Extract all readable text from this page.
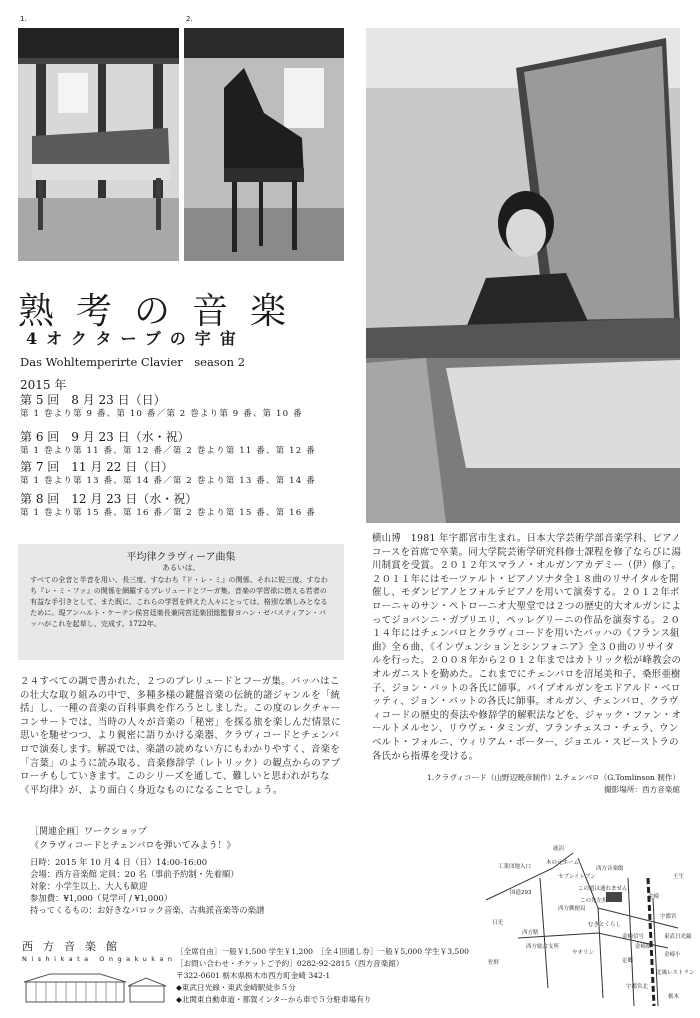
1.	2.
熟考の音楽
4オクターブの宇宙
Das Wohltemperirte Clavier　season 2
2015 年
第 5 回　8 月 23 日（日）
第 1 巻より第 9 番、第 10 番／第 2 巻より第 9 番、第 10 番
第 6 回　9 月 23 日（水・祝）
第 1 巻より第 11 番、第 12 番／第 2 巻より第 11 番、第 12 番
第 7 回　11 月 22 日（日）
第 1 巻より第 13 番、第 14 番／第 2 巻より第 13 番、第 14 番
第 8 回　12 月 23 日（水・祝）
第 1 巻より第 15 番、第 16 番／第 2 巻より第 15 番、第 16 番
平均律クラヴィーア曲集
あるいは、
すべての全音と半音を用い、長三度、すなわち『ド・レ・ミ』の関係、それに短三度、すなわち『レ・ミ・ファ』の関係を網羅するプレリュードとフーガ集。音楽の学習欲に燃える若者の有益な手引きとして、また既に、これらの学習を終えた人々にとっては、格別な娯しみとなるために。現アンハルト・ケーテン侯宮廷楽長兼同宮廷楽団総監督ヨハン・ゼバスティアン・バッハがこれを起草し、完成す。1722年。
２４すべての調で書かれた、２つのプレリュードとフーガ集。バッハはこの壮大な取り組みの中で、多種多様の鍵盤音楽の伝統的諸ジャンルを「統括」し、一種の音楽の百科事典を作ろうとしました。この度のレクチャーコンサートでは、当時の人々が音楽の「秘密」を探る旅を楽しんだ情景に思いを馳せつつ、より親密に語りかける楽器、クラヴィコードとチェンバロで演奏します。解説では、楽譜の読めない方にもわかりやすく、音楽を「言葉」のように読み取る、音楽修辞学（レトリック）の観点からのアプローチもしていきます。このシリーズを通して、難しいと思われがちな《平均律》が、より面白く身近なものになることでしょう。
［関連企画］ワークショップ
《クラヴィコードとチェンバロを弾いてみよう！》
日時：2015 年 10 月 4 日（日）14:00-16:00
会場：西方音楽館 定員：20 名（事前予約制・先着順）
対象：小学生以上、大人も歓迎
参加費：¥1,000（見学可 / ¥1,000）
持ってくるもの：お好きなバロック音楽、古典派音楽等の楽譜
横山博　1981 年宇都宮市生まれ。日本大学芸術学部音楽学科、ピアノコースを首席で卒業。同大学院芸術学研究科修士課程を修了ならびに湯川制賞を受賞。２０１２年スマラノ・オルガンアカデミー（伊）修了。２０１１年にはモーツァルト・ピアノソナタ全１８曲のリサイタルを開催し、モダンピアノとフォルテピアノを用いて演奏する。２０１２年ボローニャのサン・ペトローニオ大聖堂では２つの歴史的大オルガンによってジョバンニ・ガブリエリ、ペッレグリーニの作品を演奏する。２０１４年にはチェンバロとクラヴィコードを用いたバッハの《フランス組曲》全６曲、《インヴェンションとシンフォニア》全３０曲のリサイタルを行った。２００８年から２０１２年まではカトリック松が峰教会のオルガニストを勤めた。これまでにチェンバロを沼尾美和子、桑形亜樹子、ジョン・バットの各氏に師事。パイプオルガンをエドアルド・ベロッティ、ジョン・バットの各氏に師事。オルガン、チェンバロ、クラヴィコードの歴史的奏法や修辞学的解釈法などを、ジャック・ファン・オールトメルセン、リウヴェ・タミンガ、フランチェスコ・チェラ、ウンベルト・フォルニ、ウィリアム・ポーター、ジョエル・スピーストラの各氏から指導を受ける。
1.クラヴィコード（山野辺暁彦制作）2.チェンバロ（G.Tomlinson 制作）
撮影場所：西方音楽館
西方音楽館
Nishikata Ongakukan
［全席自由］一般￥1,500 学生￥1,200　［全４回通し券］一般￥5,000 学生￥3,500
［お問い合わせ・チケットご予約］0282-92-2815（西方音楽館）
〒322-0601 栃木県栃木市西方町金崎 342-1
◆東武日光線・東武金崎駅徒歩５分
◆北関東自動車道・都賀インターから車で５分駐車場有り
鹿沼
本の元ホーム
工業団地入口
セブンイレブン
西方音楽館
国道293
この道は通れません
西方郵便局
この先左折
壬生
金崎
宇都宮
西方駅
西方総合支所
ヤオリン
むきとくらし
金崎信号
金崎小
定郷
北風レストラン
栃木
宇都宮北
佐野
日光
東武日光線
金崎駅
